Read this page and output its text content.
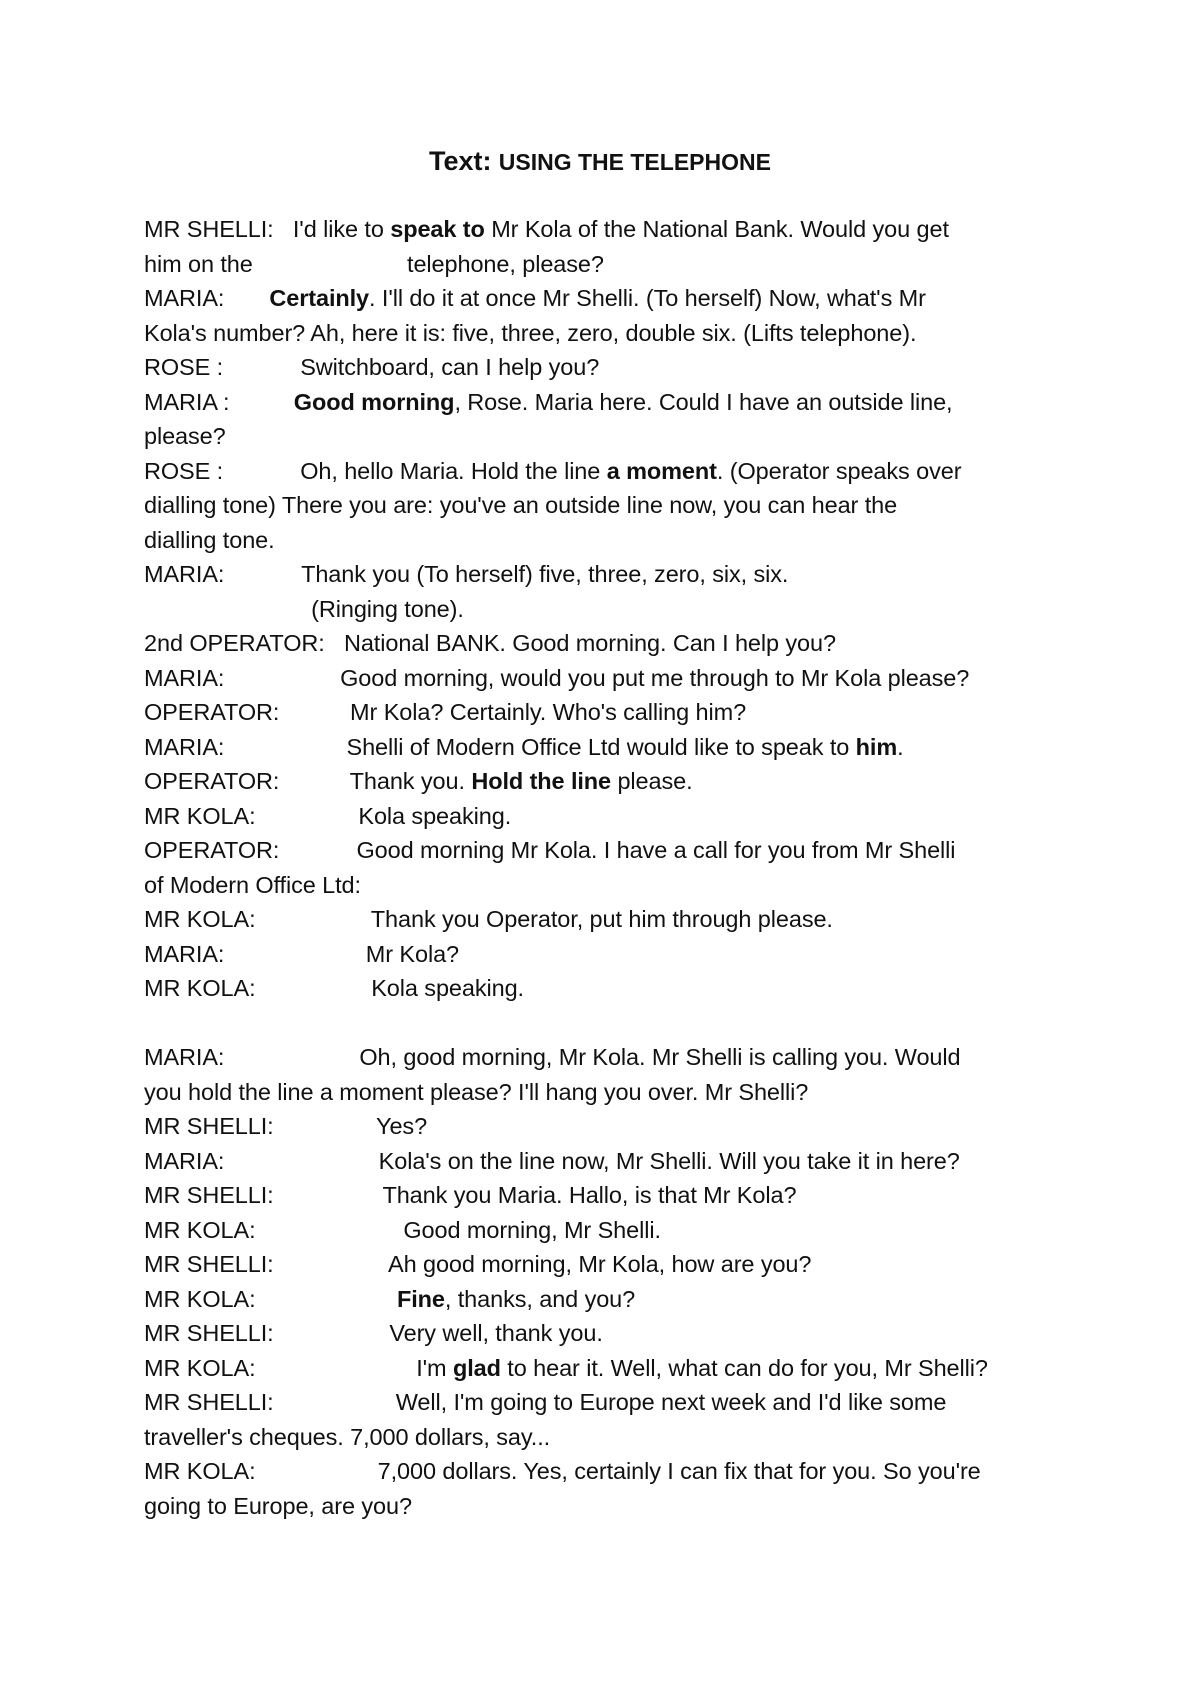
Text: USING THE TELEPHONE
MR SHELLI:   I'd like to speak to Mr Kola of the National Bank. Would you get
him on the                        telephone, please?
MARIA:       Certainly. I'll do it at once Mr Shelli. (To herself) Now, what's Mr
Kola's number? Ah, here it is: five, three, zero, double six. (Lifts telephone).
ROSE :            Switchboard, can I help you?
MARIA :          Good morning, Rose. Maria here. Could I have an outside line,
please?
ROSE :            Oh, hello Maria. Hold the line a moment. (Operator speaks over
dialling tone) There you are: you've an outside line now, you can hear the
dialling tone.
MARIA:            Thank you (To herself) five, three, zero, six, six.
(Ringing tone).
2nd OPERATOR:   National BANK. Good morning. Can I help you?
MARIA:                  Good morning, would you put me through to Mr Kola please?
OPERATOR:           Mr Kola? Certainly. Who's calling him?
MARIA:                   Shelli of Modern Office Ltd would like to speak to him.
OPERATOR:           Thank you. Hold the line please.
MR KOLA:                Kola speaking.
OPERATOR:            Good morning Mr Kola. I have a call for you from Mr Shelli
of Modern Office Ltd:
MR KOLA:                  Thank you Operator, put him through please.
MARIA:                      Mr Kola?
MR KOLA:                  Kola speaking.
MARIA:                     Oh, good morning, Mr Kola. Mr Shelli is calling you. Would
you hold the line a moment please? I'll hang you over. Mr Shelli?
MR SHELLI:                Yes?
MARIA:                        Kola's on the line now, Mr Shelli. Will you take it in here?
MR SHELLI:                 Thank you Maria. Hallo, is that Mr Kola?
MR KOLA:                       Good morning, Mr Shelli.
MR SHELLI:                  Ah good morning, Mr Kola, how are you?
MR KOLA:                      Fine, thanks, and you?
MR SHELLI:                  Very well, thank you.
MR KOLA:                         I'm glad to hear it. Well, what can do for you, Mr Shelli?
MR SHELLI:                   Well, I'm going to Europe next week and I'd like some
traveller's cheques. 7,000 dollars, say...
MR KOLA:                   7,000 dollars. Yes, certainly I can fix that for you. So you're
going to Europe, are you?
